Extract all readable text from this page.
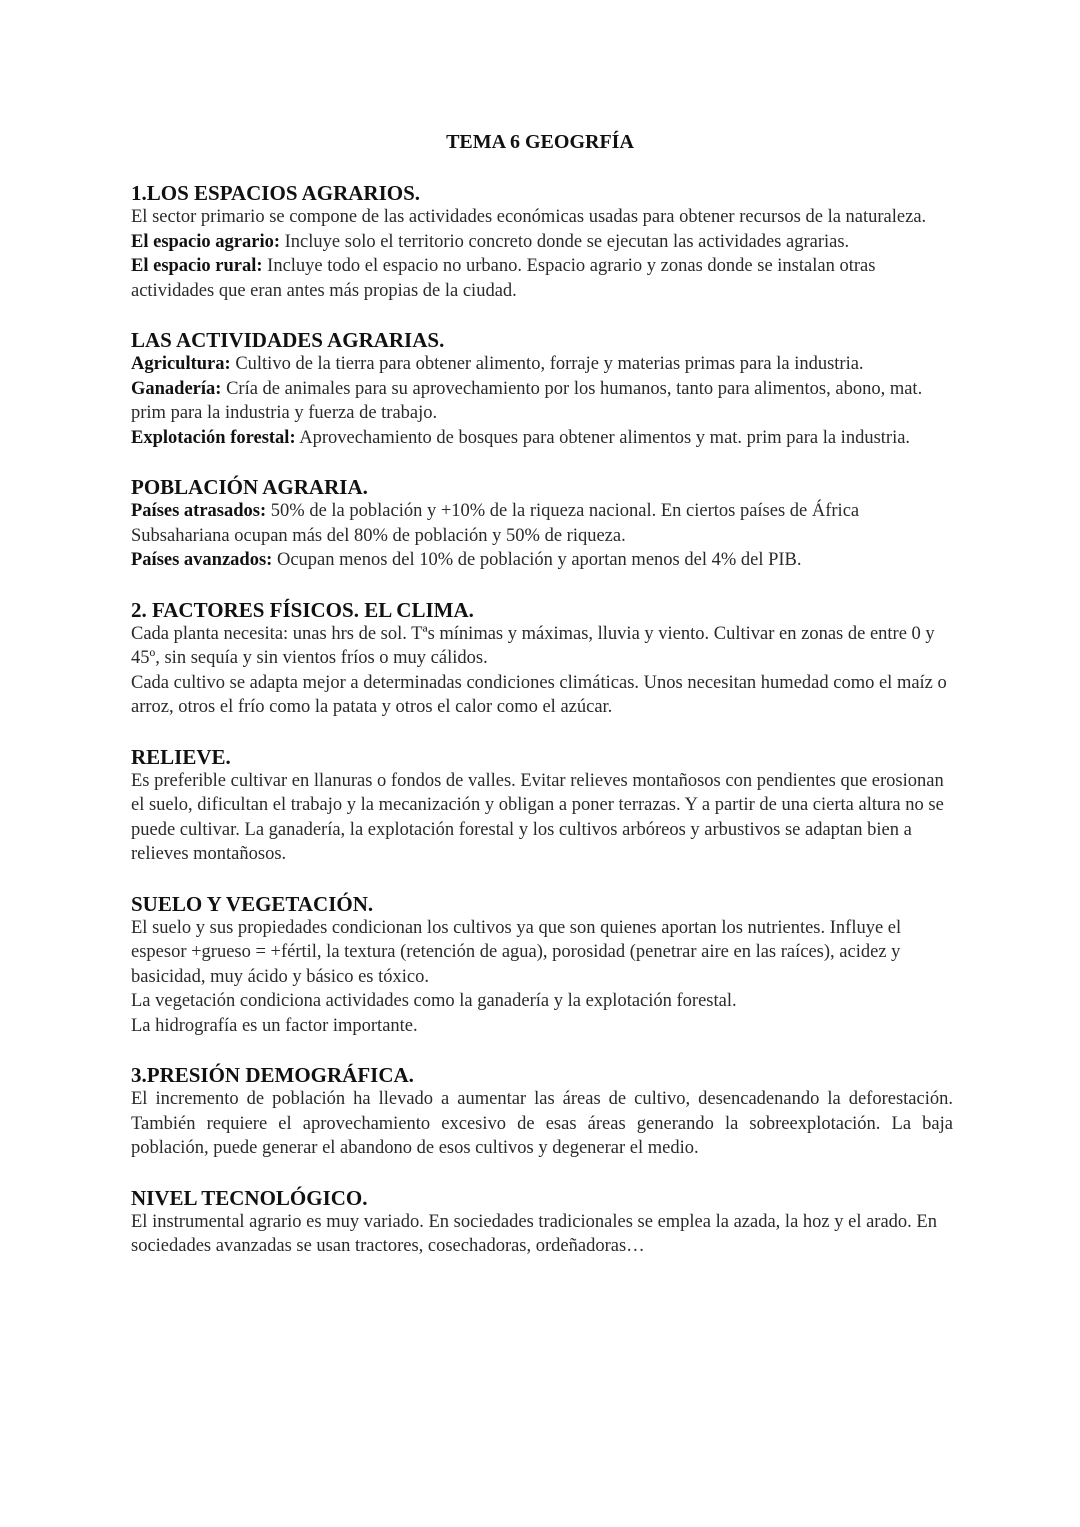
TEMA 6 GEOGRFÍA
1.LOS ESPACIOS AGRARIOS.

El sector primario se compone de las actividades económicas usadas para obtener recursos de la naturaleza.

El espacio agrario: Incluye solo el territorio concreto donde se ejecutan las actividades agrarias.

El espacio rural: Incluye todo el espacio no urbano. Espacio agrario y zonas donde se instalan otras actividades que eran antes más propias de la ciudad.

LAS ACTIVIDADES AGRARIAS.

Agricultura: Cultivo de la tierra para obtener alimento, forraje y materias primas para la industria.

Ganadería: Cría de animales para su aprovechamiento por los humanos, tanto para alimentos, abono, mat. prim para la industria y fuerza de trabajo.

Explotación forestal: Aprovechamiento de bosques para obtener alimentos y mat. prim para la industria.

POBLACIÓN AGRARIA.

Países atrasados: 50% de la población y +10% de la riqueza nacional. En ciertos países de África Subsahariana ocupan más del 80% de población y 50% de riqueza.

Países avanzados: Ocupan menos del 10% de población y aportan menos del 4% del PIB.

2. FACTORES FÍSICOS. EL CLIMA.

Cada planta necesita: unas hrs de sol. Tªs mínimas y máximas, lluvia y viento. Cultivar en zonas de entre 0 y 45º, sin sequía y sin vientos fríos o muy cálidos.

Cada cultivo se adapta mejor a determinadas condiciones climáticas. Unos necesitan humedad como el maíz o arroz, otros el frío como la patata y otros el calor como el azúcar.

RELIEVE.

Es preferible cultivar en llanuras o fondos de valles. Evitar relieves montañosos con pendientes que erosionan el suelo, dificultan el trabajo y la mecanización y obligan a poner terrazas. Y a partir de una cierta altura no se puede cultivar. La ganadería, la explotación forestal y los cultivos arbóreos y arbustivos se adaptan bien a relieves montañosos.

SUELO Y VEGETACIÓN.

El suelo y sus propiedades condicionan los cultivos ya que son quienes aportan los nutrientes. Influye el espesor +grueso = +fértil, la textura (retención de agua), porosidad (penetrar aire en las raíces), acidez y basicidad, muy ácido y básico es tóxico.

La vegetación condiciona actividades como la ganadería y la explotación forestal.

La hidrografía es un factor importante.

3.PRESIÓN DEMOGRÁFICA.

El incremento de población ha llevado a aumentar las áreas de cultivo, desencadenando la deforestación. También requiere el aprovechamiento excesivo de esas áreas generando la sobreexplotación. La baja población, puede generar el abandono de esos cultivos y degenerar el medio.

NIVEL TECNOLÓGICO.

El instrumental agrario es muy variado. En sociedades tradicionales se emplea la azada, la hoz y el arado. En sociedades avanzadas se usan tractores, cosechadoras, ordeñadoras…
